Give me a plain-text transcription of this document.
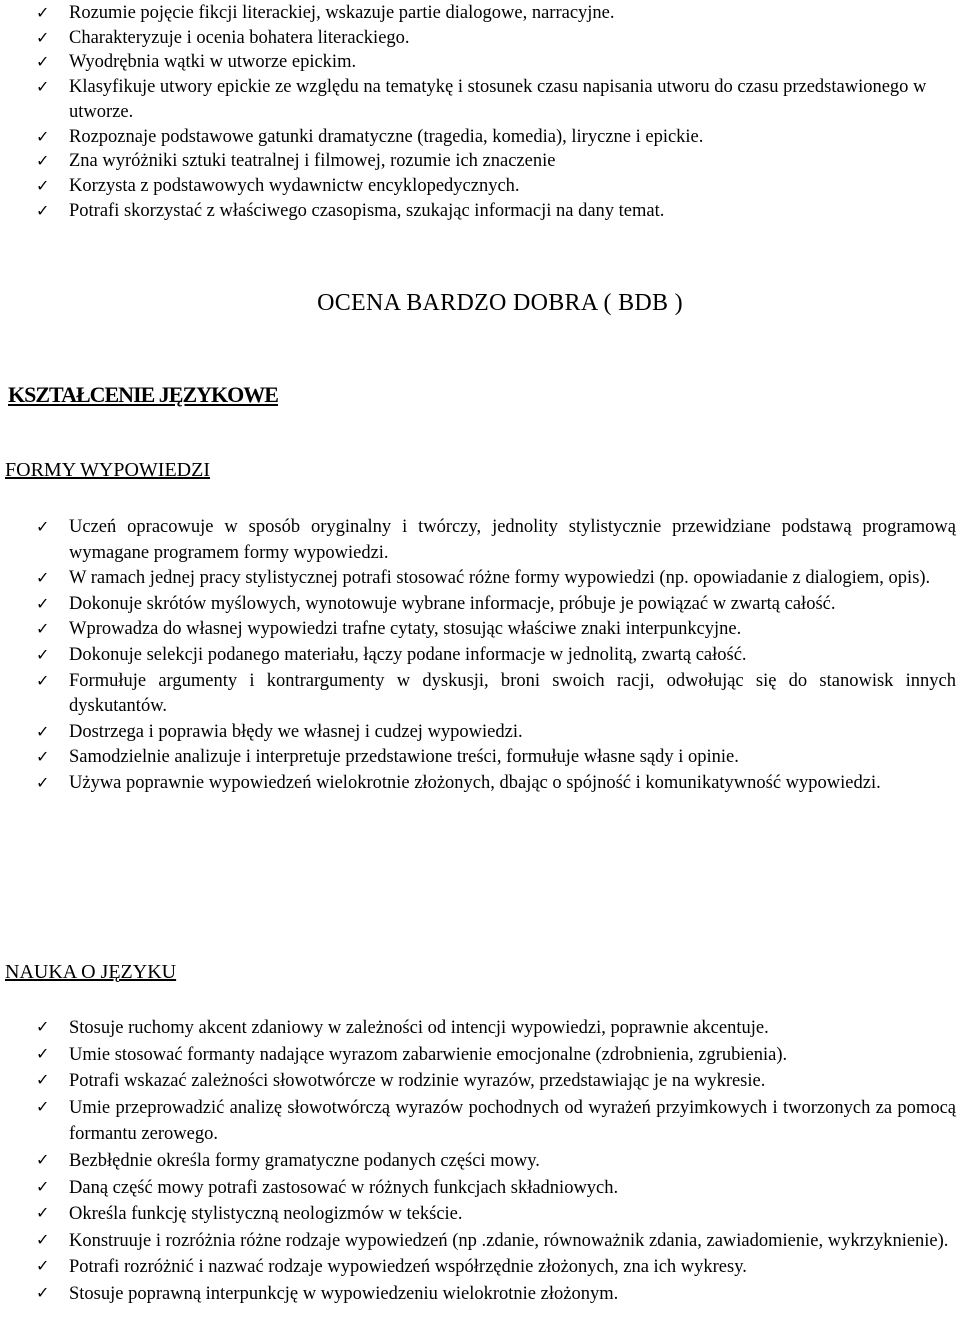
✓ Rozumie pojęcie fikcji literackiej, wskazuje partie dialogowe, narracyjne.
✓ Charakteryzuje i ocenia bohatera literackiego.
✓ Wyodrębnia wątki w utworze epickim.
✓ Klasyfikuje utwory epickie ze względu na tematykę i stosunek czasu napisania utworu do czasu przedstawionego w utworze.
✓ Rozpoznaje podstawowe gatunki dramatyczne (tragedia, komedia), liryczne i epickie.
✓ Zna wyróżniki sztuki teatralnej i filmowej, rozumie ich znaczenie
✓ Korzysta z podstawowych wydawnictw encyklopedycznych.
✓ Potrafi skorzystać z właściwego czasopisma, szukając informacji na dany temat.
OCENA BARDZO DOBRA ( BDB )
KSZTAŁCENIE JĘZYKOWE
FORMY WYPOWIEDZI
✓ Uczeń opracowuje w sposób oryginalny i twórczy, jednolity stylistycznie przewidziane podstawą programową wymagane programem formy wypowiedzi.
✓ W ramach jednej pracy stylistycznej potrafi stosować różne formy wypowiedzi (np. opowiadanie z dialogiem, opis).
✓ Dokonuje skrótów myślowych, wynotowuje wybrane informacje, próbuje je powiązać w zwartą całość.
✓ Wprowadza do własnej wypowiedzi trafne cytaty, stosując właściwe znaki interpunkcyjne.
✓ Dokonuje selekcji podanego materiału, łączy podane informacje w jednolitą, zwartą całość.
✓ Formułuje argumenty i kontrargumenty w dyskusji, broni swoich racji, odwołując się do stanowisk innych dyskutantów.
✓ Dostrzega i poprawia błędy we własnej i cudzej wypowiedzi.
✓ Samodzielnie analizuje i interpretuje przedstawione treści, formułuje własne sądy i opinie.
✓ Używa poprawnie wypowiedzeń wielokrotnie złożonych, dbając o spójność i komunikatywność wypowiedzi.
NAUKA O JĘZYKU
✓ Stosuje ruchomy akcent zdaniowy w zależności od intencji wypowiedzi, poprawnie akcentuje.
✓ Umie stosować formanty nadające wyrazom zabarwienie emocjonalne (zdrobnienia, zgrubienia).
✓ Potrafi wskazać zależności słowotwórcze w rodzinie wyrazów, przedstawiając je na wykresie.
✓ Umie przeprowadzić analizę słowotwórczą wyrazów pochodnych od wyrażeń przyimkowych i tworzonych za pomocą formantu zerowego.
✓ Bezbłędnie określa formy gramatyczne podanych części mowy.
✓ Daną część mowy potrafi zastosować w różnych funkcjach składniowych.
✓ Określa funkcję stylistyczną neologizmów w tekście.
✓ Konstruuje i rozróżnia różne rodzaje wypowiedzeń (np .zdanie, równoważnik zdania, zawiadomienie, wykrzyknienie).
✓ Potrafi rozróżnić i nazwać rodzaje wypowiedzeń współrzędnie złożonych, zna ich wykresy.
✓ Stosuje poprawną interpunkcję w wypowiedzeniu wielokrotnie złożonym.
